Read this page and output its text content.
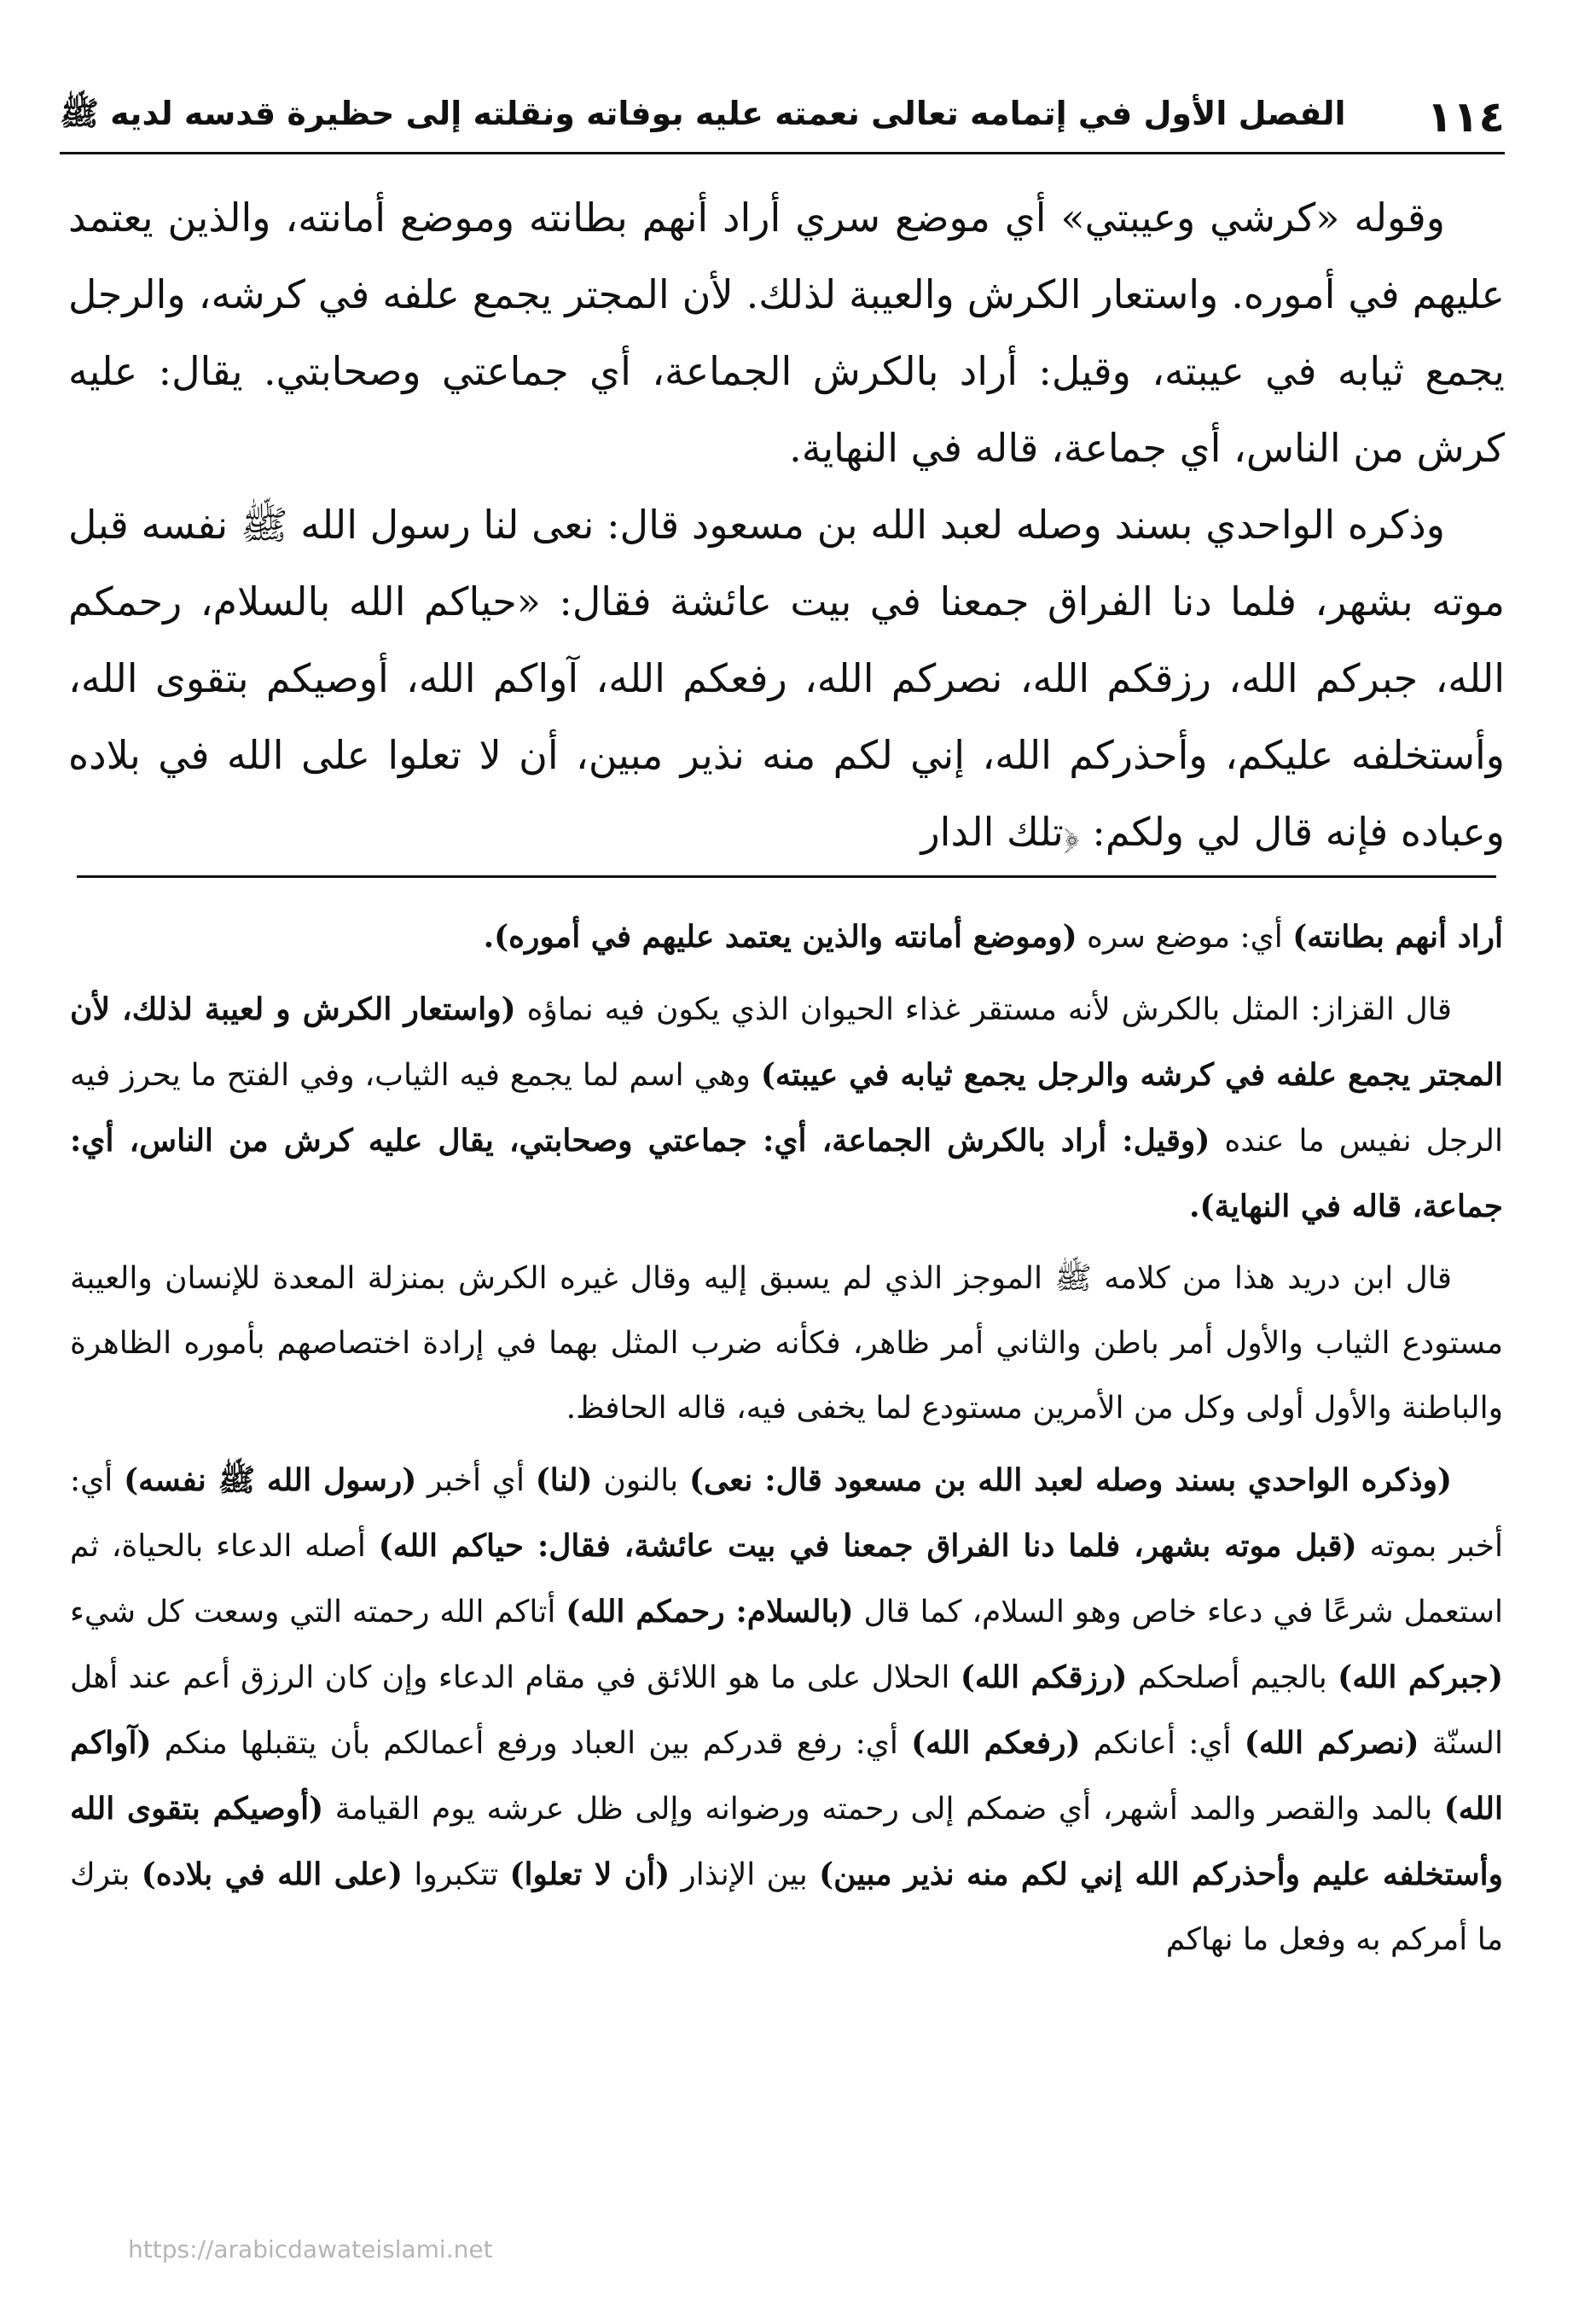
١١٤
الفصل الأول في إتمامه تعالى نعمته عليه بوفاته ونقلته إلى حظيرة قدسه لديه ﷺ

وقوله «كرشي وعيبتي» أي موضع سري أراد أنهم بطانته وموضع أمانته، والذين يعتمد عليهم في أموره. واستعار الكرش والعيبة لذلك. لأن المجتر يجمع علفه في كرشه، والرجل يجمع ثيابه في عيبته، وقيل: أراد بالكرش الجماعة، أي جماعتي وصحابتي. يقال: عليه كرش من الناس، أي جماعة، قاله في النهاية.

وذكره الواحدي بسند وصله لعبد الله بن مسعود قال: نعى لنا رسول الله ﷺ نفسه قبل موته بشهر، فلما دنا الفراق جمعنا في بيت عائشة فقال: «حياكم الله بالسلام، رحمكم الله، جبركم الله، رزقكم الله، نصركم الله، رفعكم الله، آواكم الله، أوصيكم بتقوى الله، وأستخلفه عليكم، وأحذركم الله، إني لكم منه نذير مبين، أن لا تعلوا على الله في بلاده وعباده فإنه قال لي ولكم: ﴿تلك الدار

أراد أنهم بطانته) أي: موضع سره (وموضع أمانته والذين يعتمد عليهم في أموره).

قال القزاز: المثل بالكرش لأنه مستقر غذاء الحيوان الذي يكون فيه نماؤه (واستعار الكرش و لعيبة لذلك، لأن المجتر يجمع علفه في كرشه والرجل يجمع ثيابه في عيبته) وهي اسم لما يجمع فيه الثياب، وفي الفتح ما يحرز فيه الرجل نفيس ما عنده (وقيل: أراد بالكرش الجماعة، أي: جماعتي وصحابتي، يقال عليه كرش من الناس، أي: جماعة، قاله في النهاية).

قال ابن دريد هذا من كلامه ﷺ الموجز الذي لم يسبق إليه وقال غيره الكرش بمنزلة المعدة للإنسان والعيبة مستودع الثياب والأول أمر باطن والثاني أمر ظاهر، فكأنه ضرب المثل بهما في إرادة اختصاصهم بأموره الظاهرة والباطنة والأول أولى وكل من الأمرين مستودع لما يخفى فيه، قاله الحافظ.

(وذكره الواحدي بسند وصله لعبد الله بن مسعود قال: نعى) بالنون (لنا) أي أخبر (رسول الله ﷺ نفسه) أي: أخبر بموته (قبل موته بشهر، فلما دنا الفراق جمعنا في بيت عائشة، فقال: حياكم الله) أصله الدعاء بالحياة، ثم استعمل شرعًا في دعاء خاص وهو السلام، كما قال (بالسلام: رحمكم الله) أتاكم الله رحمته التي وسعت كل شيء (جبركم الله) بالجيم أصلحكم (رزقكم الله) الحلال على ما هو اللائق في مقام الدعاء وإن كان الرزق أعم عند أهل السنّة (نصركم الله) أي: أعانكم (رفعكم الله) أي: رفع قدركم بين العباد ورفع أعمالكم بأن يتقبلها منكم (آواكم الله) بالمد والقصر والمد أشهر، أي ضمكم إلى رحمته ورضوانه وإلى ظل عرشه يوم القيامة (أوصيكم بتقوى الله وأستخلفه عليم وأحذركم الله إني لكم منه نذير مبين) بين الإنذار (أن لا تعلوا) تتكبروا (على الله في بلاده) بترك ما أمركم به وفعل ما نهاكم

https://arabicdawateislami.net
